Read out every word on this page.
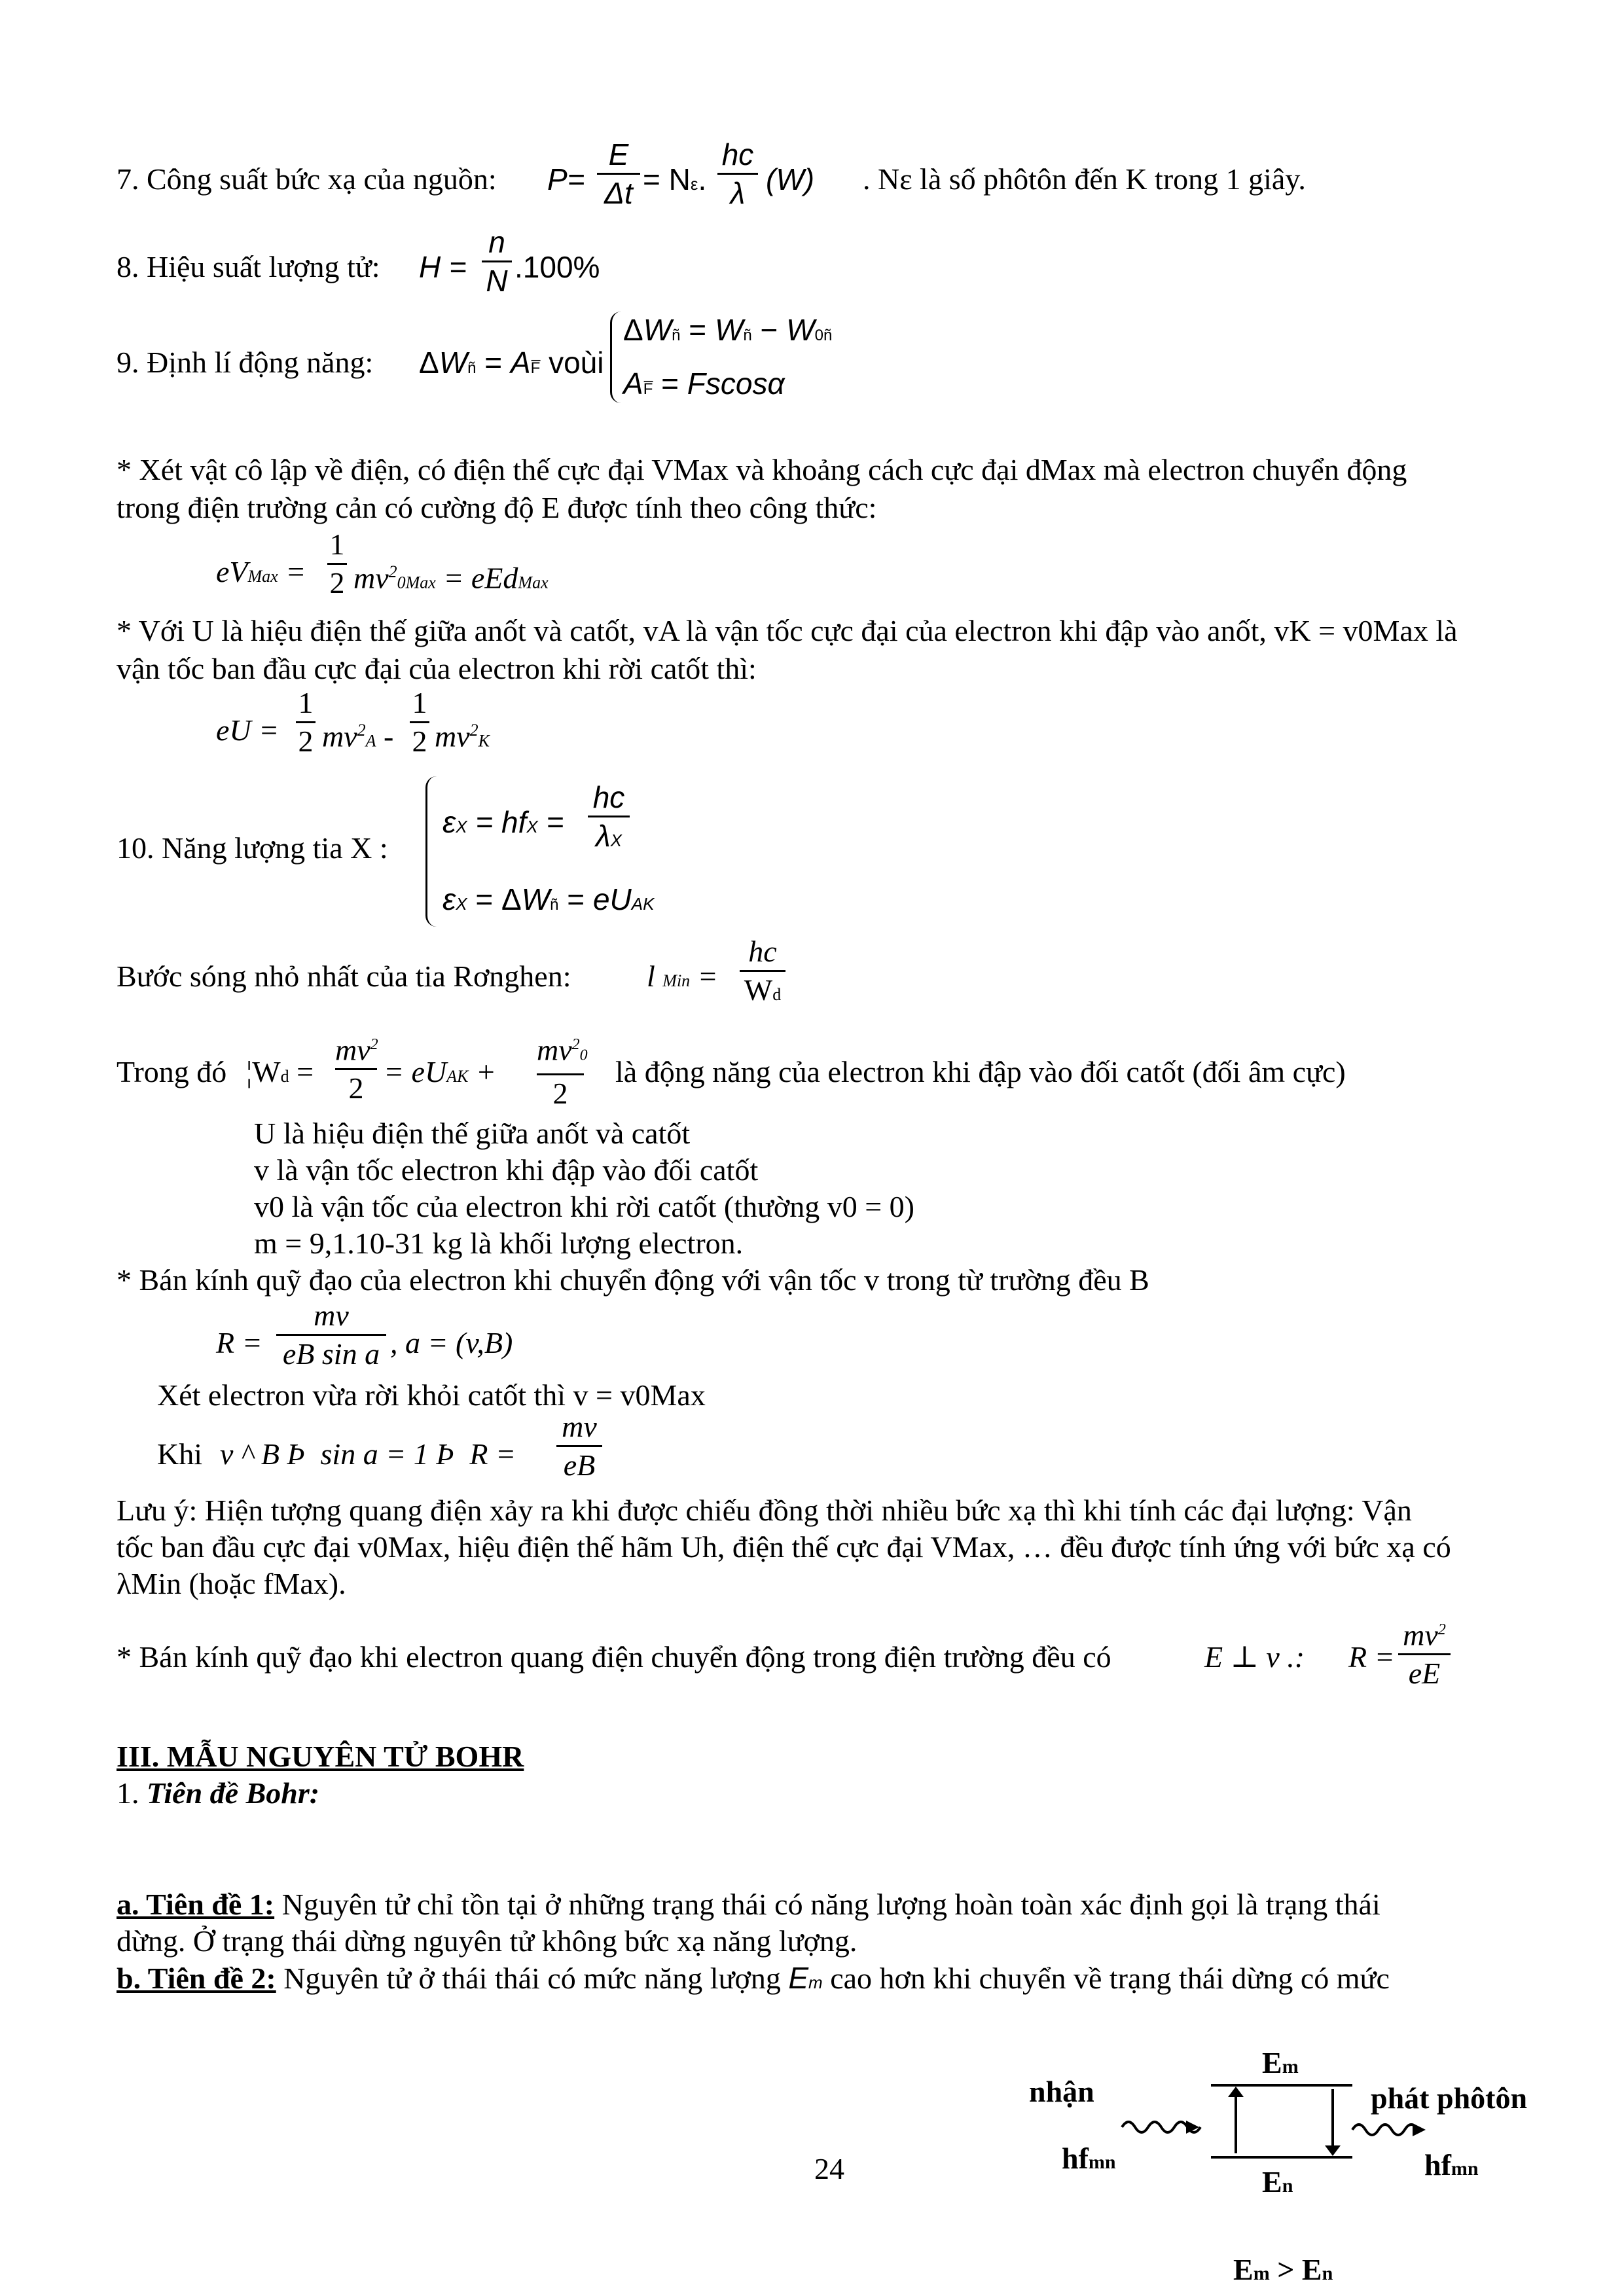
7. Công suất bức xạ của nguồn: P=
E
Δt = Nε.
hc
λ (W) . Nε là số phôtôn đến K trong 1 giây.
8. Hiệu suất lượng tử: H =
n
N .100%
9. Định lí động năng: ΔWñ = AF̅ voùi
ΔWñ = Wñ − W0ñ
AF̅ = Fscosα
* Xét vật cô lập về điện, có điện thế cực đại VMax và khoảng cách cực đại dMax mà electron chuyển động
trong điện trường cản có cường độ E được tính theo công thức:
eVMax =
1
2 $mv^20Max$ = eEdMax
* Với U là hiệu điện thế giữa anốt và catốt, vA là vận tốc cực đại của electron khi đập vào anốt, vK = v0Max là
vận tốc ban đầu cực đại của electron khi rời catốt thì:
eU =
1
2 $mv^2A$ -
1
2 $mv^2K$
10. Năng lượng tia X :
εX = hfX =
hc
λX
εX = ΔWñ = eUAK
Bước sóng nhỏ nhất của tia Rơnghen:	l Min =
hc
Wd
Trong đó ¦Wd =
$mv^2$
2 = eUAK +
$mv^20$
2
là động năng của electron khi đập vào đối catốt (đối âm cực)
U là hiệu điện thế giữa anốt và catốt
v là vận tốc electron khi đập vào đối catốt
v0 là vận tốc của electron khi rời catốt (thường v0 = 0)
m = 9,1.10-31 kg là khối lượng electron.
* Bán kính quỹ đạo của electron khi chuyển động với vận tốc v trong từ trường đều B
R =
mv
eB sin a , a = (v,B)
Xét electron vừa rời khỏi catốt thì v = v0Max
Khi v ^ B Þ  sin a = 1 Þ  R =
mv
eB
Lưu ý: Hiện tượng quang điện xảy ra khi được chiếu đồng thời nhiều bức xạ thì khi tính các đại lượng: Vận
tốc ban đầu cực đại v0Max, hiệu điện thế hãm Uh, điện thế cực đại VMax, … đều được tính ứng với bức xạ có
λMin (hoặc fMax).
* Bán kính quỹ đạo khi electron quang điện chuyển động trong điện trường đều có	E ⊥ v .: R =
$mv^2$
eE
III. MẪU NGUYÊN TỬ BOHR
1. Tiên đề Bohr:
a. Tiên đề 1: Nguyên tử chỉ tồn tại ở những trạng thái có năng lượng hoàn toàn xác định gọi là trạng thái
dừng. Ở trạng thái dừng nguyên tử không bức xạ năng lượng.
b. Tiên đề 2: Nguyên tử ở thái thái có mức năng lượng Em cao hơn khi chuyển về trạng thái dừng có mức
Em
En
nhận	phát phôtôn
hfmn	hfmn
Em > En
24
